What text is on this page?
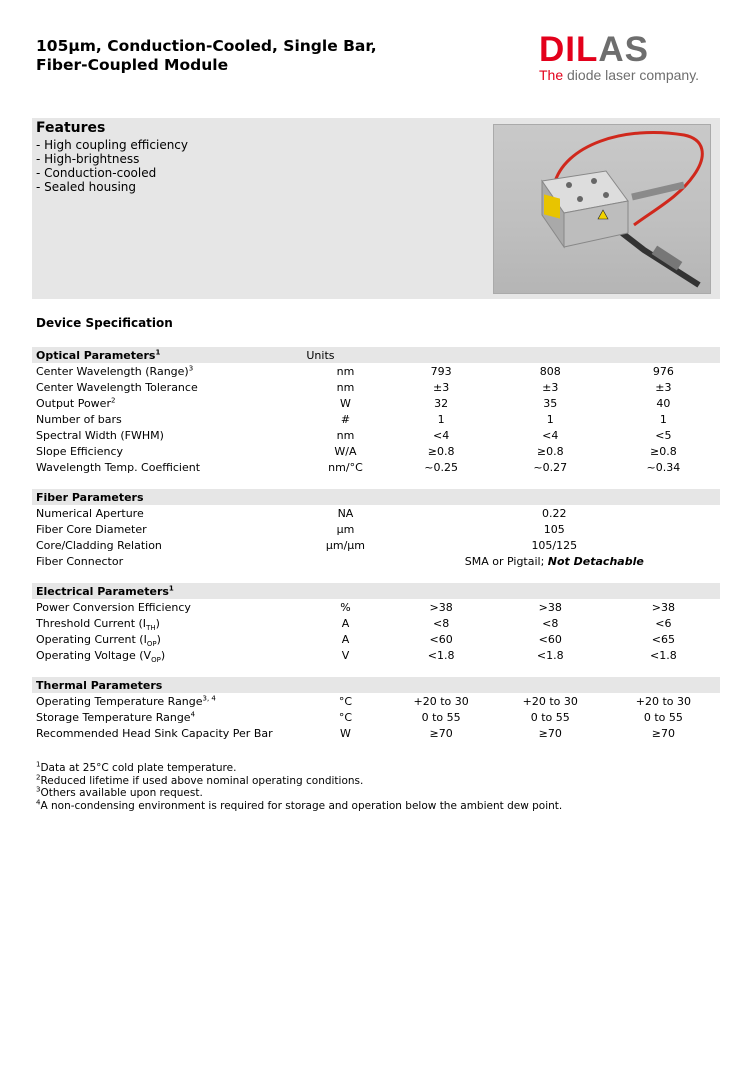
105µm, Conduction-Cooled, Single Bar,
Fiber-Coupled Module	DILAS
The diode laser company.
Features
- High coupling efficiency
- High-brightness
- Conduction-cooled
- Sealed housing
Device Specification
Optical Parameters$^1$	Units			
Center Wavelength (Range)$^3$	nm	793	808	976
Center Wavelength Tolerance	nm	±3	±3	±3
Output Power$^2$	W	32	35	40
Number of bars	#	1	1	1
Spectral Width (FWHM)	nm	<4	<4	<5
Slope Efficiency	W/A	≥0.8	≥0.8	≥0.8
Wavelength Temp. Coefficient	nm/°C	~0.25	~0.27	~0.34

Fiber Parameters				
Numerical Aperture	NA	0.22		
Fiber Core Diameter	µm	105		
Core/Cladding Relation	µm/µm	105/125		
Fiber Connector		SMA or Pigtail; Not Detachable		

Electrical Parameters$^1$				
Power Conversion Efficiency	%	>38	>38	>38
Threshold Current $(I_{TH})$	A	<8	<8	<6
Operating Current $(I_{OP})$	A	<60	<60	<65
Operating Voltage $(V_{OP})$	V	<1.8	<1.8	<1.8

Thermal Parameters				
Operating Temperature Range$^{3, 4}$	°C	+20 to 30	+20 to 30	+20 to 30
Storage Temperature Range$^4$	°C	0 to 55	0 to 55	0 to 55
Recommended Head Sink Capacity Per Bar	W	≥70	≥70	≥70
$^1$Data at 25°C cold plate temperature.
$^2$Reduced lifetime if used above nominal operating conditions.
$^3$Others available upon request.
$^4$A non-condensing environment is required for storage and operation below the ambient dew point.
